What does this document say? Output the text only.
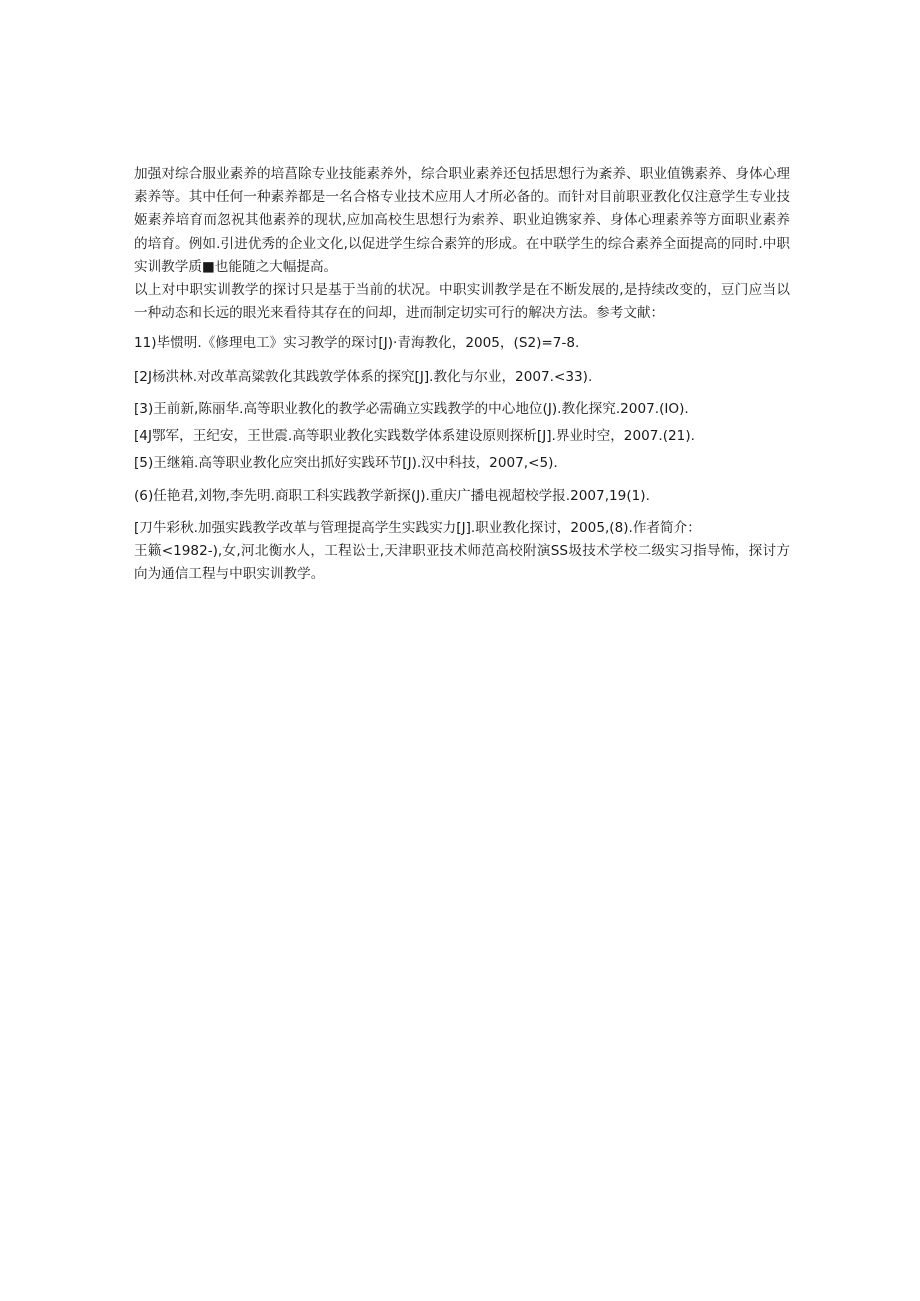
加强对综合服业素养的培菖除专业技能素养外，综合职业素养还包括思想行为紊养、职业值镌素养、身体心理素养等。其中任何一种素养都是一名合格专业技术应用人才所必备的。而针对目前职亚教化仅注意学生专业技姬素养培育而忽祝其他素养的现状,应加高校生思想行为索养、职业迫镌家养、身体心理素养等方面职业素养的培育。例如.引进优秀的企业文化,以促进学生综合素笄的形成。在中联学生的综合素养全面提高的同时.中职实训教学质■也能随之大幅提高。

以上对中职实训教学的探讨只是基于当前的状况。中职实训教学是在不断发展的,是持续改变的，豆门应当以一种动态和长远的眼光来看待其存在的问却，进而制定切实可行的解决方法。参考文献：

11)毕惯明.《修理电工》实习教学的琛讨[J)·青海教化，2005，(S2)=7-8.

[2J杨洪林.对改革高粱敦化其践敦学体系的探究[J].教化与尔业，2007.<33).

[3)王前新,陈丽华.高等职业教化的教学必需确立实践教学的中心地位(J).教化探究.2007.(IO).

[4J鄂军，王纪安，王世震.高等职业教化实践数学体系建设原则探析[J].界业时空，2007.(21).

[5)王继箱.高等职业教化应突出抓好实践环节[J).汉中科技，2007,<5).

(6)任艳君,刘物,李先明.商职工科实践教学新探(J).重庆广播电视超校学报.2007,19(1).

[刀牛彩秋.加强实践教学改革与管理提高学生实践实力[J].职业教化探讨，2005,(8).作者简介：

王籁<1982-),女,河北衡水人，工程讼士,天津职亚技术师范高校附演SS圾技术学校二级实习指导怖，探讨方向为通信工程与中职实训教学。
